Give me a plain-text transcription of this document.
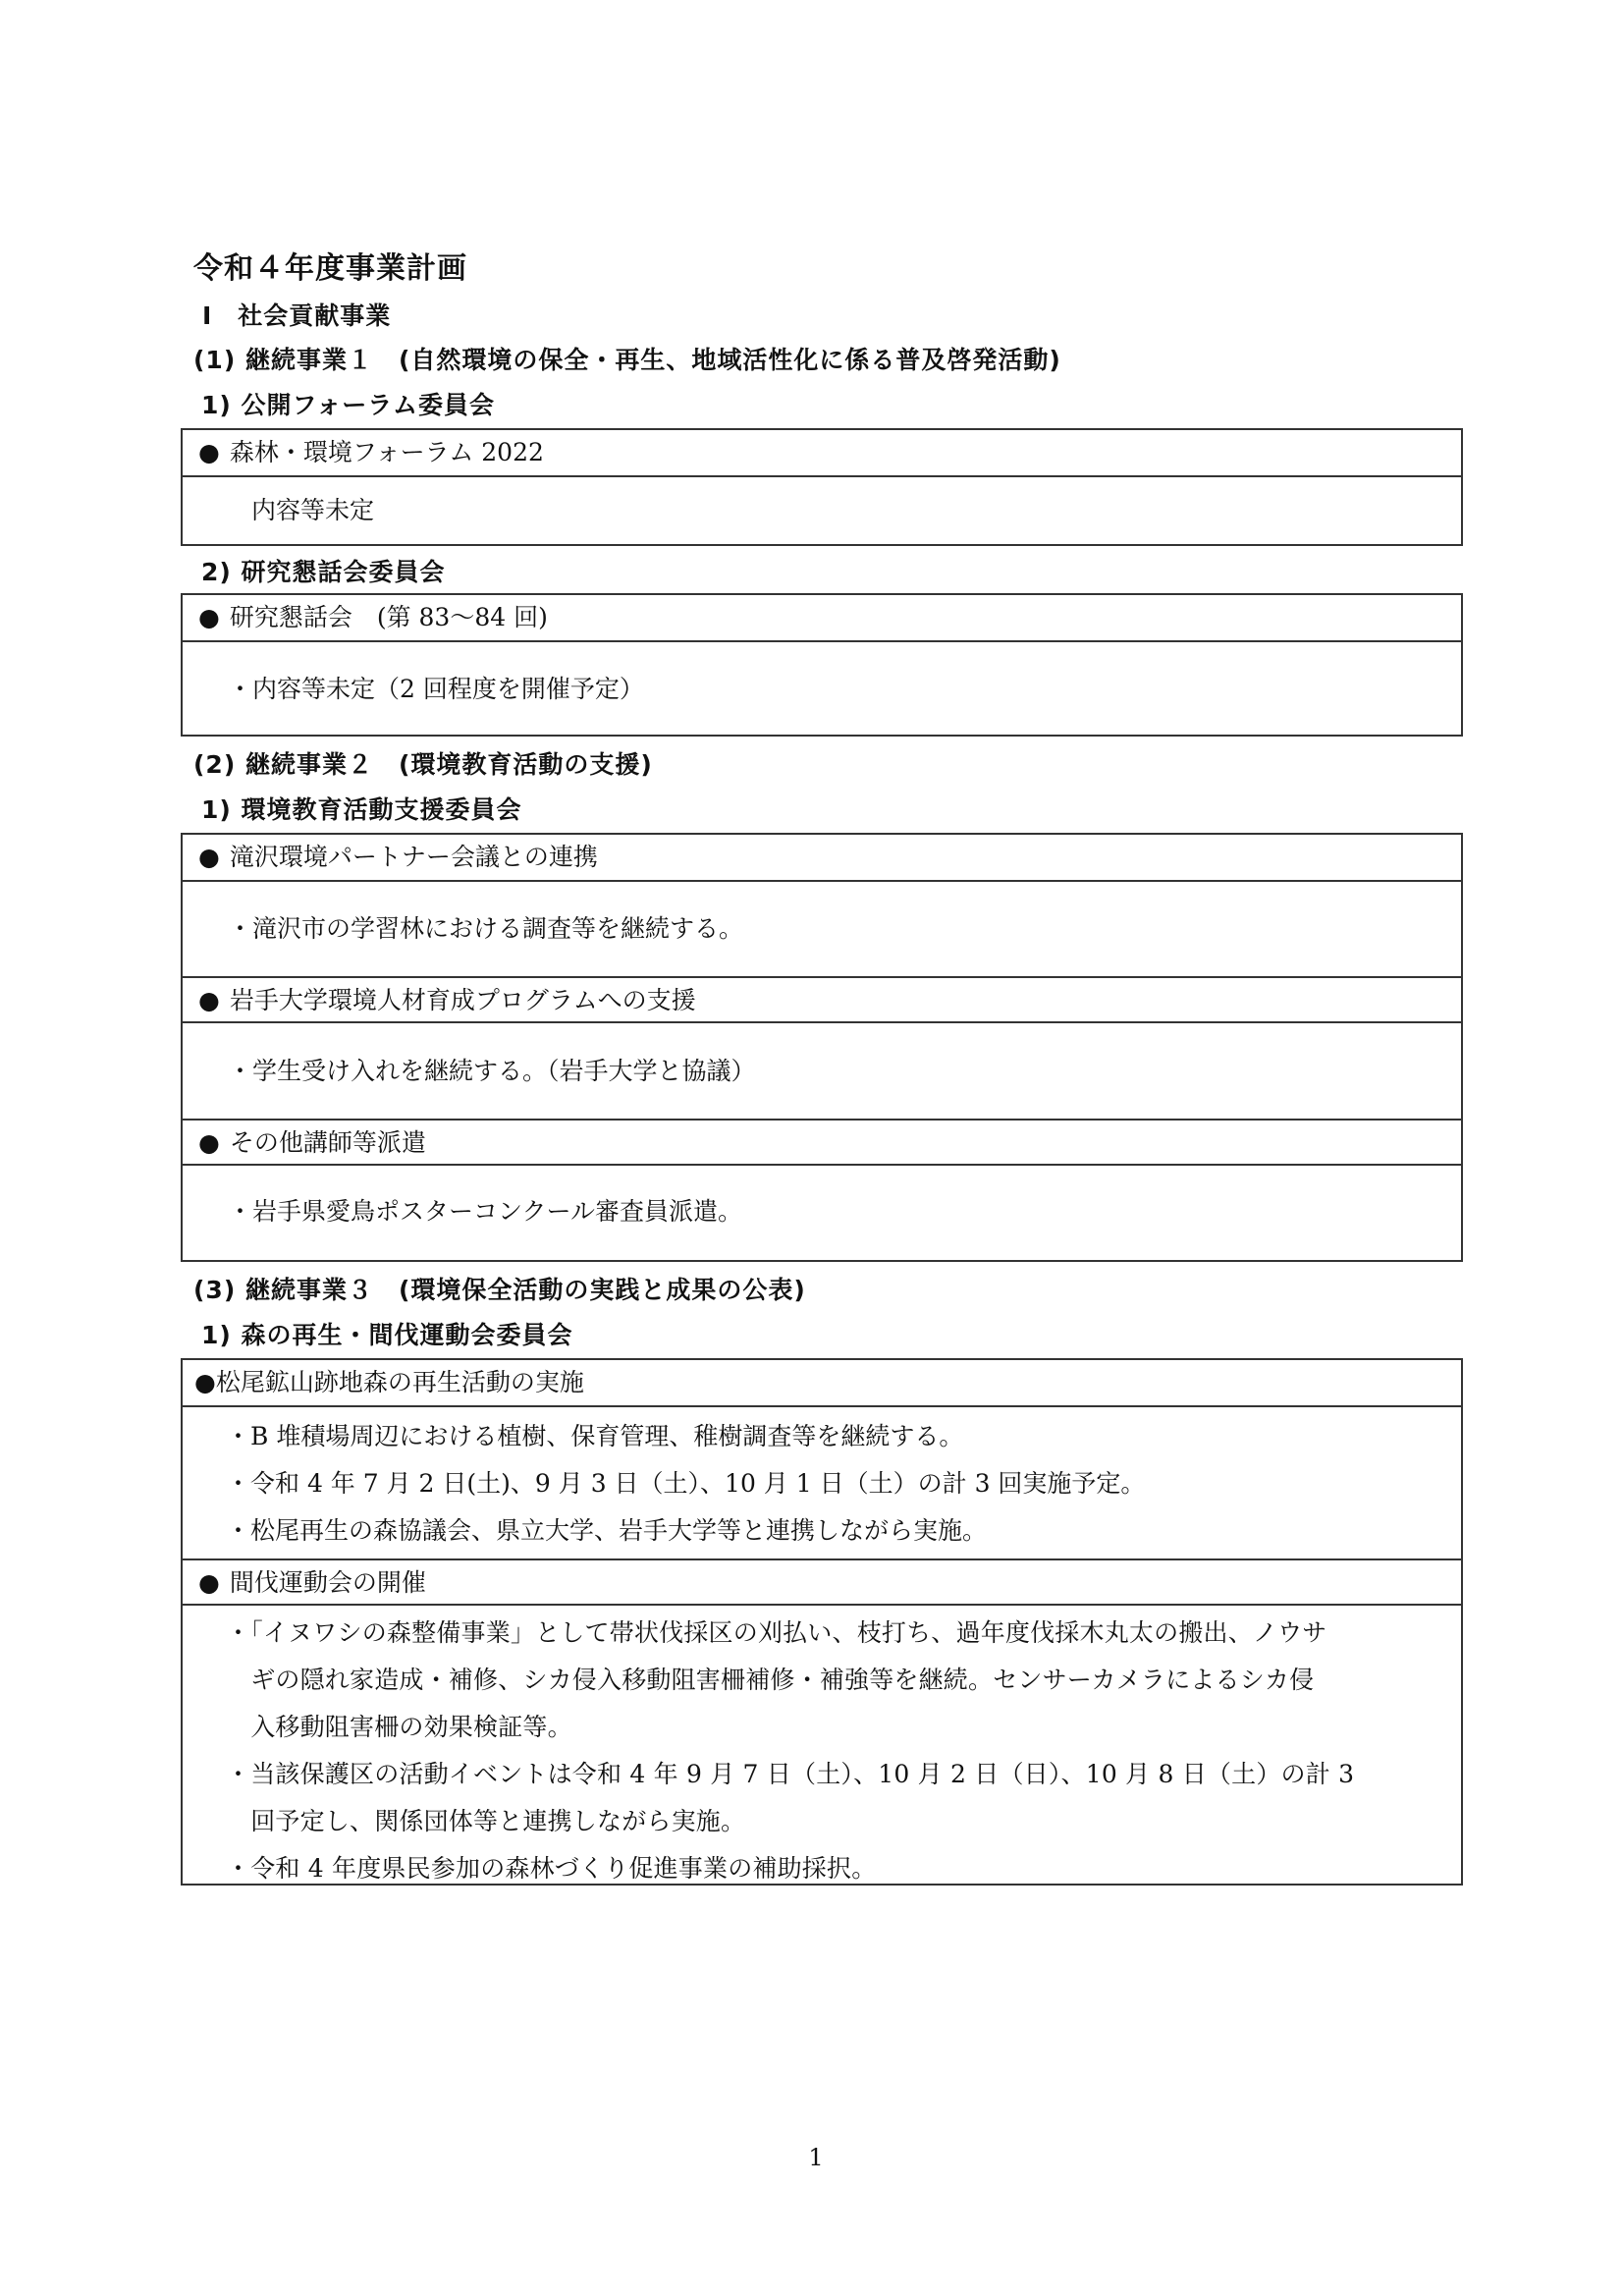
令和４年度事業計画
Ⅰ　社会貢献事業
(1) 継続事業１　(自然環境の保全・再生、地域活性化に係る普及啓発活動)
1) 公開フォーラム委員会
● 森林・環境フォーラム 2022
内容等未定
2) 研究懇話会委員会
● 研究懇話会　(第 83～84 回)
・内容等未定（2 回程度を開催予定）
(2) 継続事業２　(環境教育活動の支援)
1) 環境教育活動支援委員会
● 滝沢環境パートナー会議との連携
・滝沢市の学習林における調査等を継続する。
● 岩手大学環境人材育成プログラムへの支援
・学生受け入れを継続する。（岩手大学と協議）
● その他講師等派遣
・岩手県愛鳥ポスターコンクール審査員派遣。
(3) 継続事業３　(環境保全活動の実践と成果の公表)
1) 森の再生・間伐運動会委員会
●松尾鉱山跡地森の再生活動の実施
・B 堆積場周辺における植樹、保育管理、稚樹調査等を継続する。
・令和 4 年 7 月 2 日(土)、9 月 3 日（土）、10 月 1 日（土）の計 3 回実施予定。
・松尾再生の森協議会、県立大学、岩手大学等と連携しながら実施。
● 間伐運動会の開催
・「イヌワシの森整備事業」として帯状伐採区の刈払い、枝打ち、過年度伐採木丸太の搬出、ノウサ
　ギの隠れ家造成・補修、シカ侵入移動阻害柵補修・補強等を継続。センサーカメラによるシカ侵
　入移動阻害柵の効果検証等。
・当該保護区の活動イベントは令和 4 年 9 月 7 日（土）、10 月 2 日（日）、10 月 8 日（土）の計 3
　回予定し、関係団体等と連携しながら実施。
・令和 4 年度県民参加の森林づくり促進事業の補助採択。
1
